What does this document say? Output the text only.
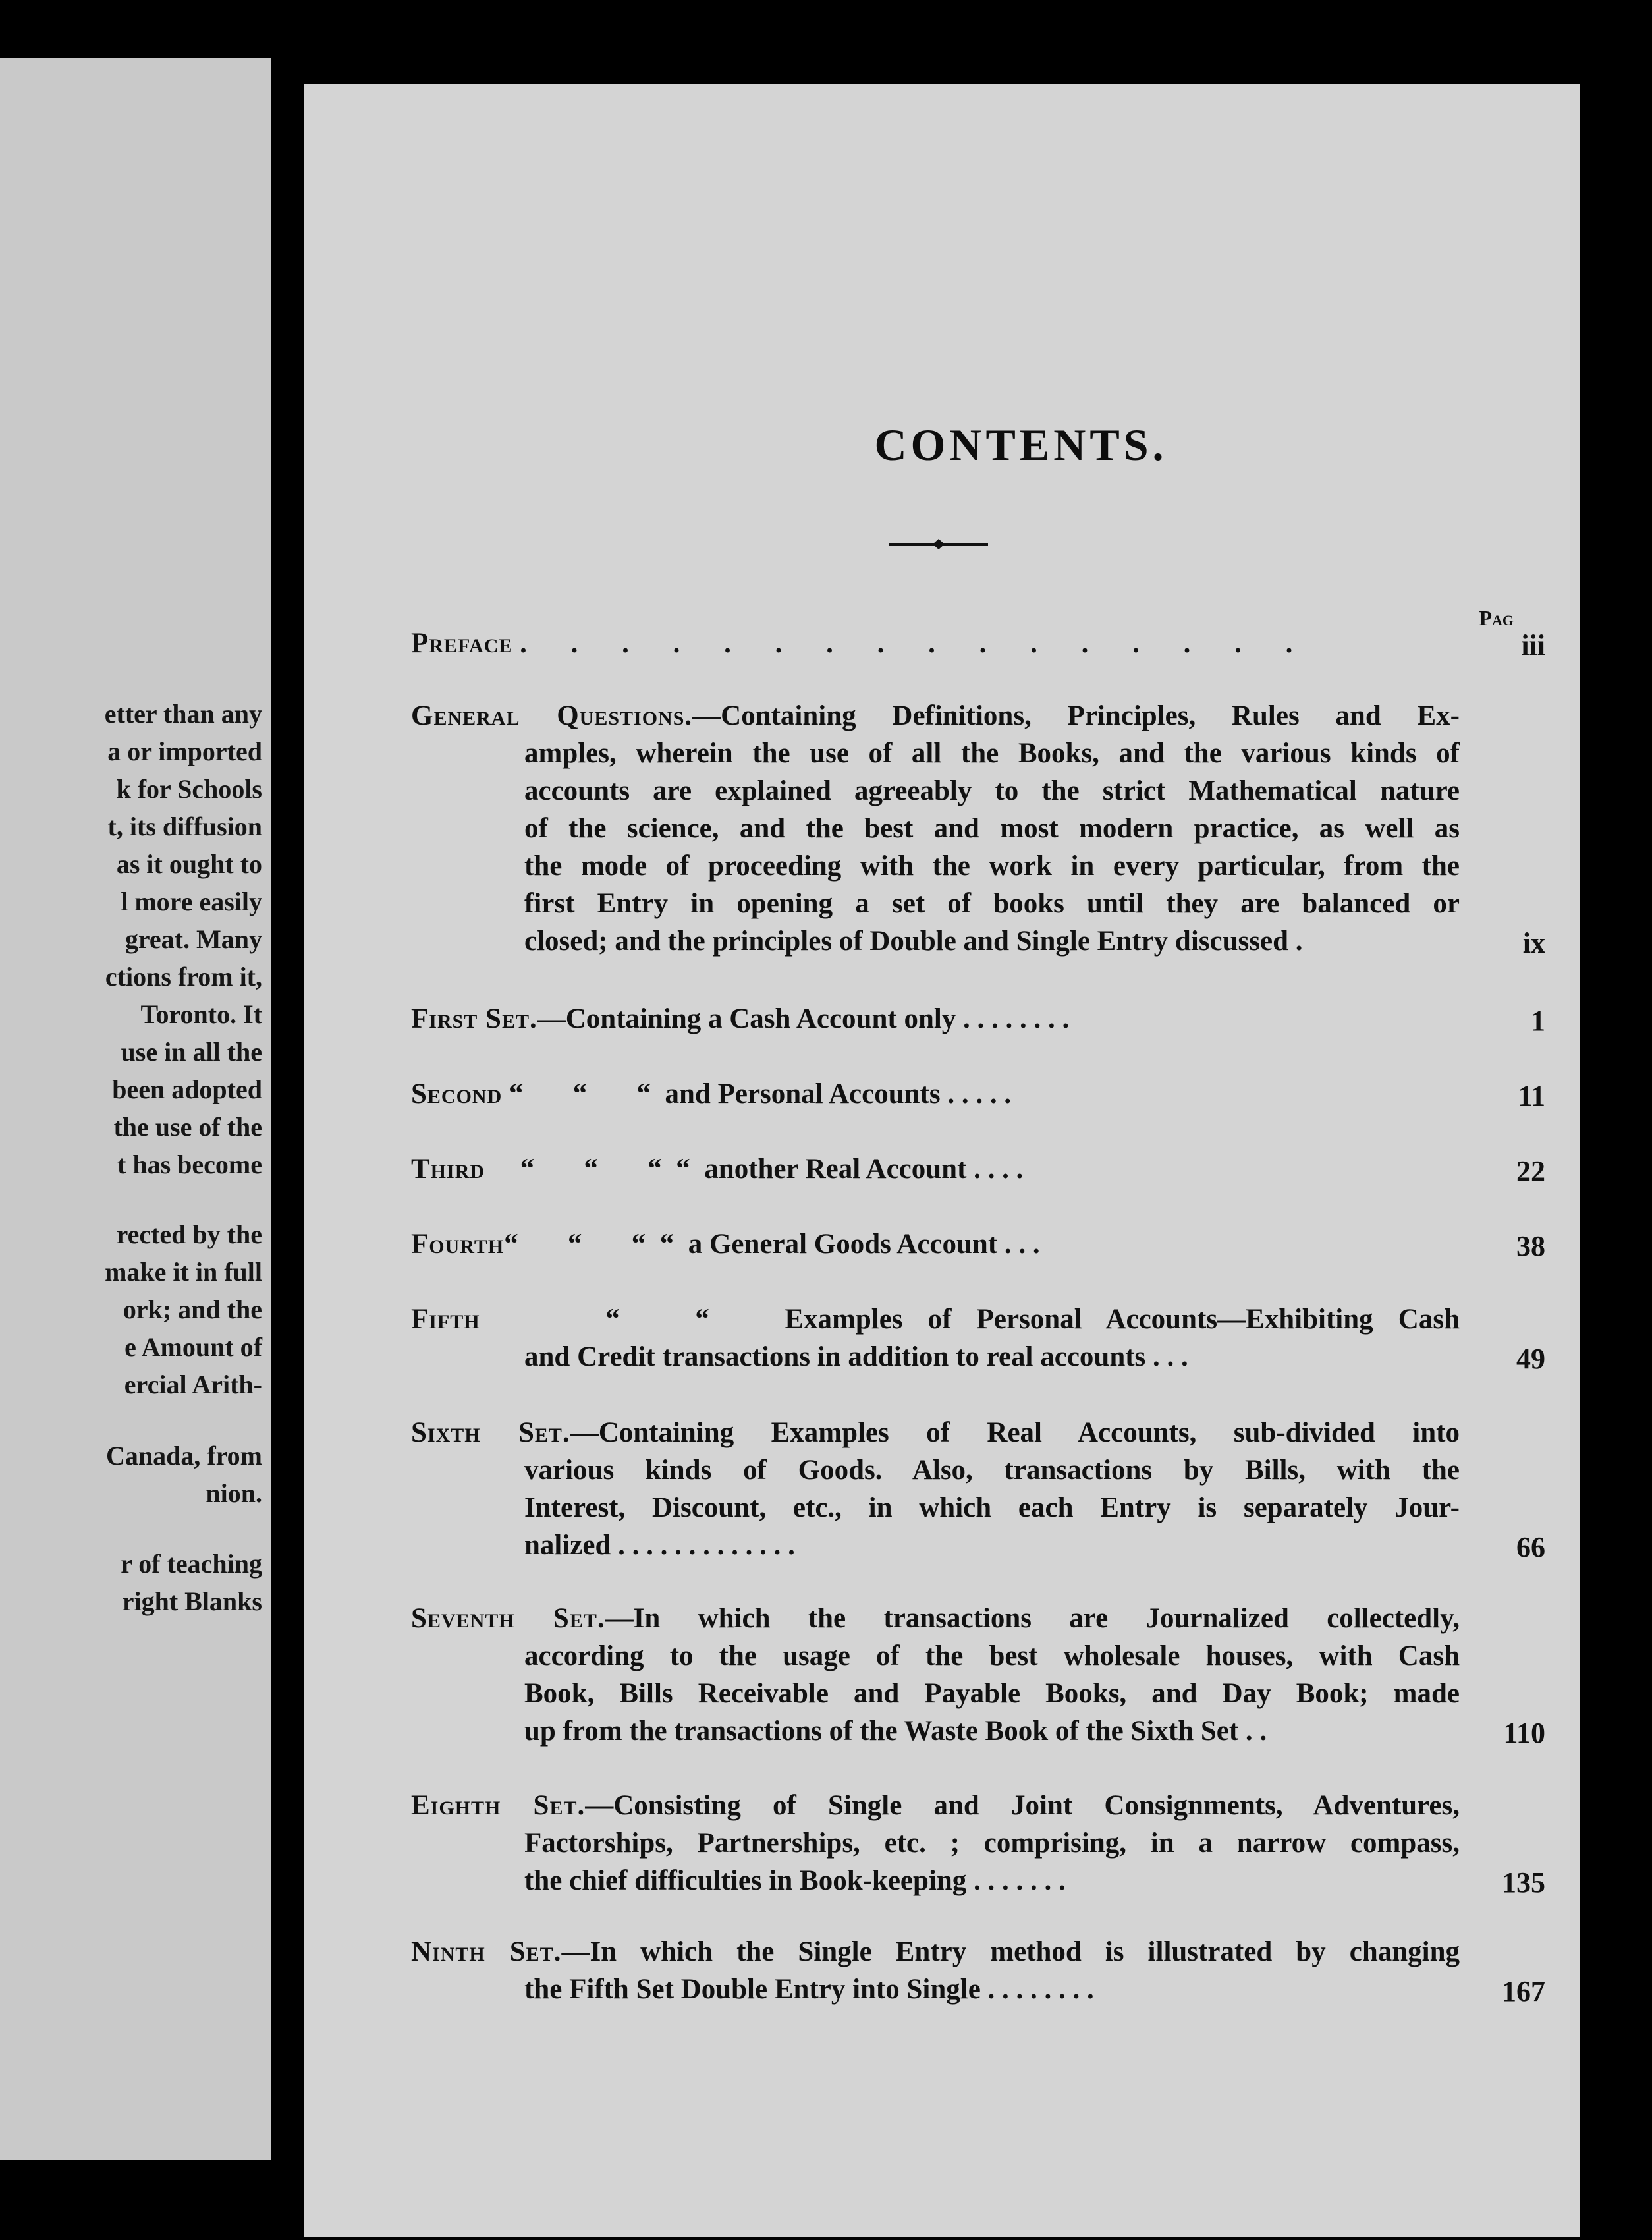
etter than any
a or imported
k for Schools
t, its diffusion
as it ought to
l more easily
great. Many
ctions from it,
Toronto. It
use in all the
been adopted
the use of the
t has become
rected by the
make it in full
ork; and the
e Amount of
ercial Arith-
Canada, from
nion.
r of teaching
right Blanks
CONTENTS.
Pag
Preface . . . . . . . . . . . . . . . .	iii
General Questions.—Containing Definitions, Principles, Rules and Ex-
amples, wherein the use of all the Books, and the various kinds of
accounts are explained agreeably to the strict Mathematical nature
of the science, and the best and most modern practice, as well as
the mode of proceeding with the work in every particular, from the
first Entry in opening a set of books until they are balanced or
closed; and the principles of Double and Single Entry discussed .	ix
First Set.—Containing a Cash Account only . . . . . . . .	1
Second “       “       “  and Personal Accounts . . . . .	11
Third “       “       “  “  another Real Account . . . .	22
Fourth“       “       “  “  a General Goods Account . . .	38
Fifth	“   “   Examples of Personal Accounts—Exhibiting Cash
and Credit transactions in addition to real accounts . . .	49
Sixth Set.—Containing Examples of Real Accounts, sub-divided into
various kinds of Goods. Also, transactions by Bills, with the
Interest, Discount, etc., in which each Entry is separately Jour-
nalized . . . . . . . . . . . . .	66
Seventh Set.—In which the transactions are Journalized collectedly,
according to the usage of the best wholesale houses, with Cash
Book, Bills Receivable and Payable Books, and Day Book; made
up from the transactions of the Waste Book of the Sixth Set . .	110
Eighth Set.—Consisting of Single and Joint Consignments, Adventures,
Factorships, Partnerships, etc. ; comprising, in a narrow compass,
the chief difficulties in Book-keeping . . . . . . .	135
Ninth Set.—In which the Single Entry method is illustrated by changing
the Fifth Set Double Entry into Single . . . . . . . .	167
